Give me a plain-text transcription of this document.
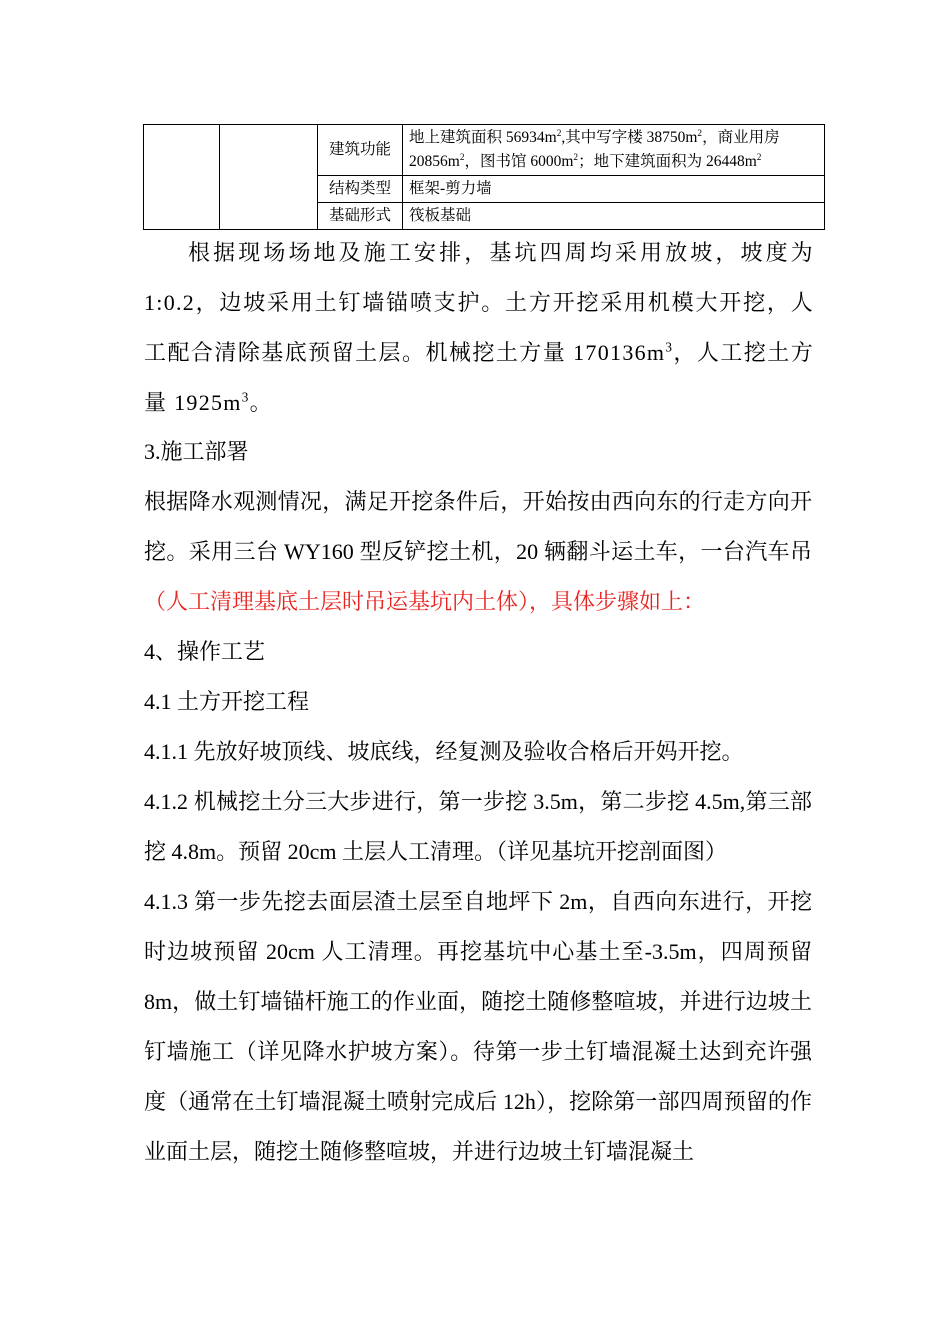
		建筑功能	地上建筑面积 $56934m^2$,其中写字楼 $38750m^2$，商业用房 $20856m^2$，图书馆 $6000m^2$；地下建筑面积为 $26448m^2$
		结构类型	框架-剪力墙
		基础形式	筏板基础
根据现场场地及施工安排，基坑四周均采用放坡，坡度为1:0.2，边坡采用土钉墙锚喷支护。土方开挖采用机模大开挖，人工配合清除基底预留土层。机械挖土方量 $170136m^3$，人工挖土方量 $1925m^3$。
3.施工部署
根据降水观测情况，满足开挖条件后，开始按由西向东的行走方向开挖。采用三台 WY160 型反铲挖土机，20 辆翻斗运土车，一台汽车吊（人工清理基底土层时吊运基坑内土体），具体步骤如上：
4、操作工艺
4.1 土方开挖工程
4.1.1 先放好坡顶线、坡底线，经复测及验收合格后开妈开挖。
4.1.2 机械挖土分三大步进行，第一步挖 3.5m，第二步挖 4.5m,第三部挖 4.8m。预留 20cm 土层人工清理。（详见基坑开挖剖面图）
4.1.3 第一步先挖去面层渣土层至自地坪下 2m，自西向东进行，开挖时边坡预留 20cm 人工清理。再挖基坑中心基土至-3.5m，四周预留 8m，做土钉墙锚杆施工的作业面，随挖土随修整喧坡，并进行边坡土钉墙施工（详见降水护坡方案）。待第一步土钉墙混凝土达到充许强度（通常在土钉墙混凝土喷射完成后 12h），挖除第一部四周预留的作业面土层，随挖土随修整喧坡，并进行边坡土钉墙混凝土
